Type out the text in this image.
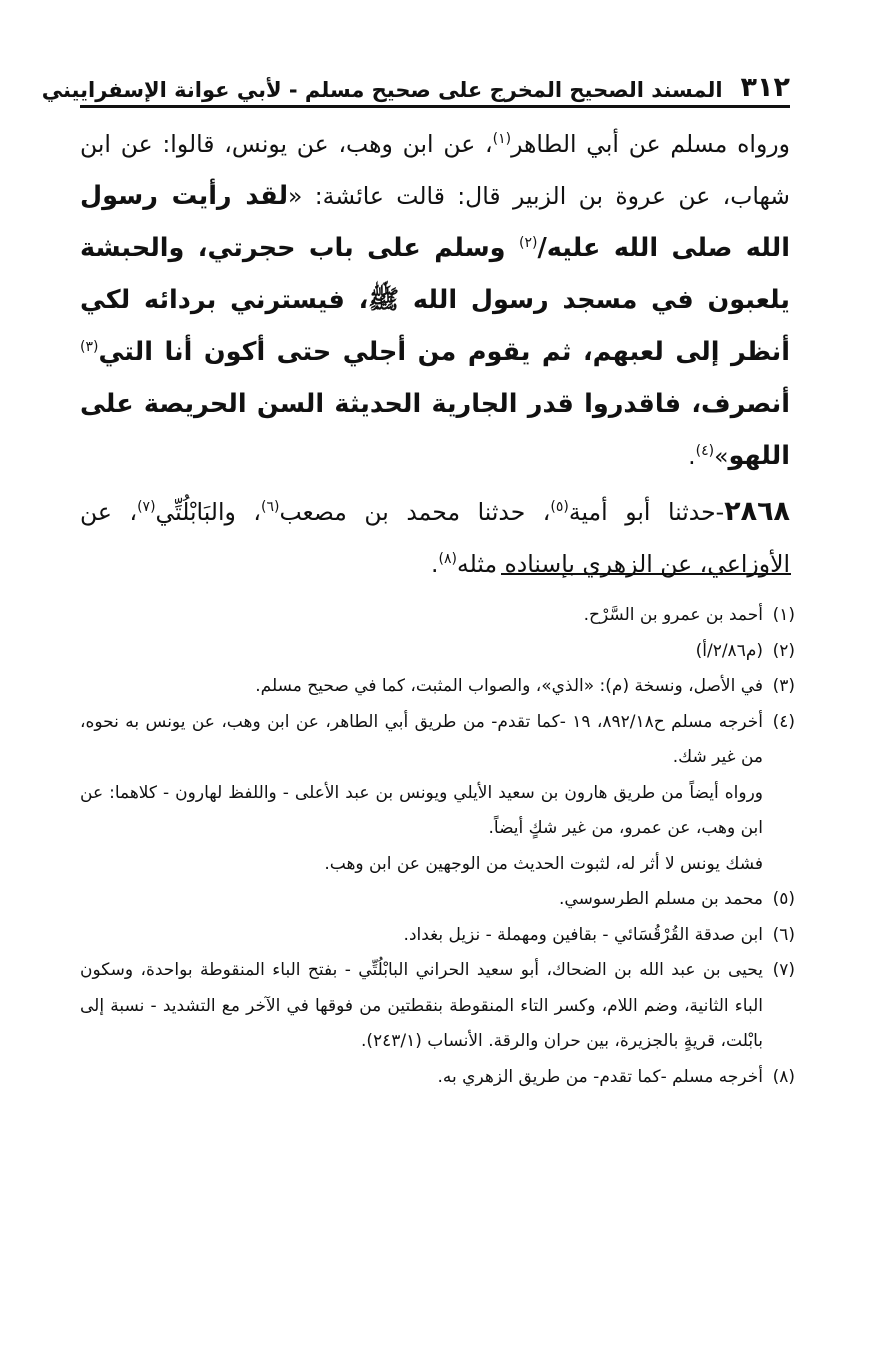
٣١٢
المسند الصحيح المخرج على صحيح مسلم - لأبي عوانة الإسفراييني

ورواه مسلم عن أبي الطاهر$^{(١)}$، عن ابن وهب، عن يونس، قالوا: عن ابن شهاب، عن عروة بن الزبير قال: قالت عائشة: «لقد رأيت رسول الله صلى الله عليه/$^{(٢)}$ وسلم على باب حجرتي، والحبشة يلعبون في مسجد رسول الله ﷺ، فيسترني بردائه لكي أنظر إلى لعبهم، ثم يقوم من أجلي حتى أكون أنا التي$^{(٣)}$ أنصرف، فاقدروا قدر الجارية الحديثة السن الحريصة على اللهو»$^{(٤)}$.

٢٨٦٨-حدثنا أبو أمية$^{(٥)}$، حدثنا محمد بن مصعب$^{(٦)}$، والبَابْلُتِّي$^{(٧)}$، عن الأوزاعي، عن الزهري بإسناده مثله$^{(٨)}$.

(١)أحمد بن عمرو بن السَّرْح.

(٢)(م٢/٨٦/أ)

(٣)في الأصل، ونسخة (م): «الذي»، والصواب المثبت، كما في صحيح مسلم.

(٤)أخرجه مسلم ح٨٩٢/١٨، ١٩ -كما تقدم- من طريق أبي الطاهر، عن ابن وهب، عن يونس به نحوه، من غير شك.

ورواه أيضاً من طريق هارون بن سعيد الأيلي ويونس بن عبد الأعلى - واللفظ لهارون - كلاهما: عن ابن وهب، عن عمرو، من غير شكٍ أيضاً.

فشك يونس لا أثر له، لثبوت الحديث من الوجهين عن ابن وهب.

(٥)محمد بن مسلم الطرسوسي.

(٦)ابن صدقة القُرْقُسَائي - بقافين ومهملة - نزيل بغداد.

(٧)يحيى بن عبد الله بن الضحاك، أبو سعيد الحراني البابْلُتِّي - بفتح الباء المنقوطة بواحدة، وسكون الباء الثانية، وضم اللام، وكسر التاء المنقوطة بنقطتين من فوقها في الآخر مع التشديد - نسبة إلى بابْلت، قريةٍ بالجزيرة، بين حران والرقة. الأنساب (٢٤٣/١).

(٨)أخرجه مسلم -كما تقدم- من طريق الزهري به.
